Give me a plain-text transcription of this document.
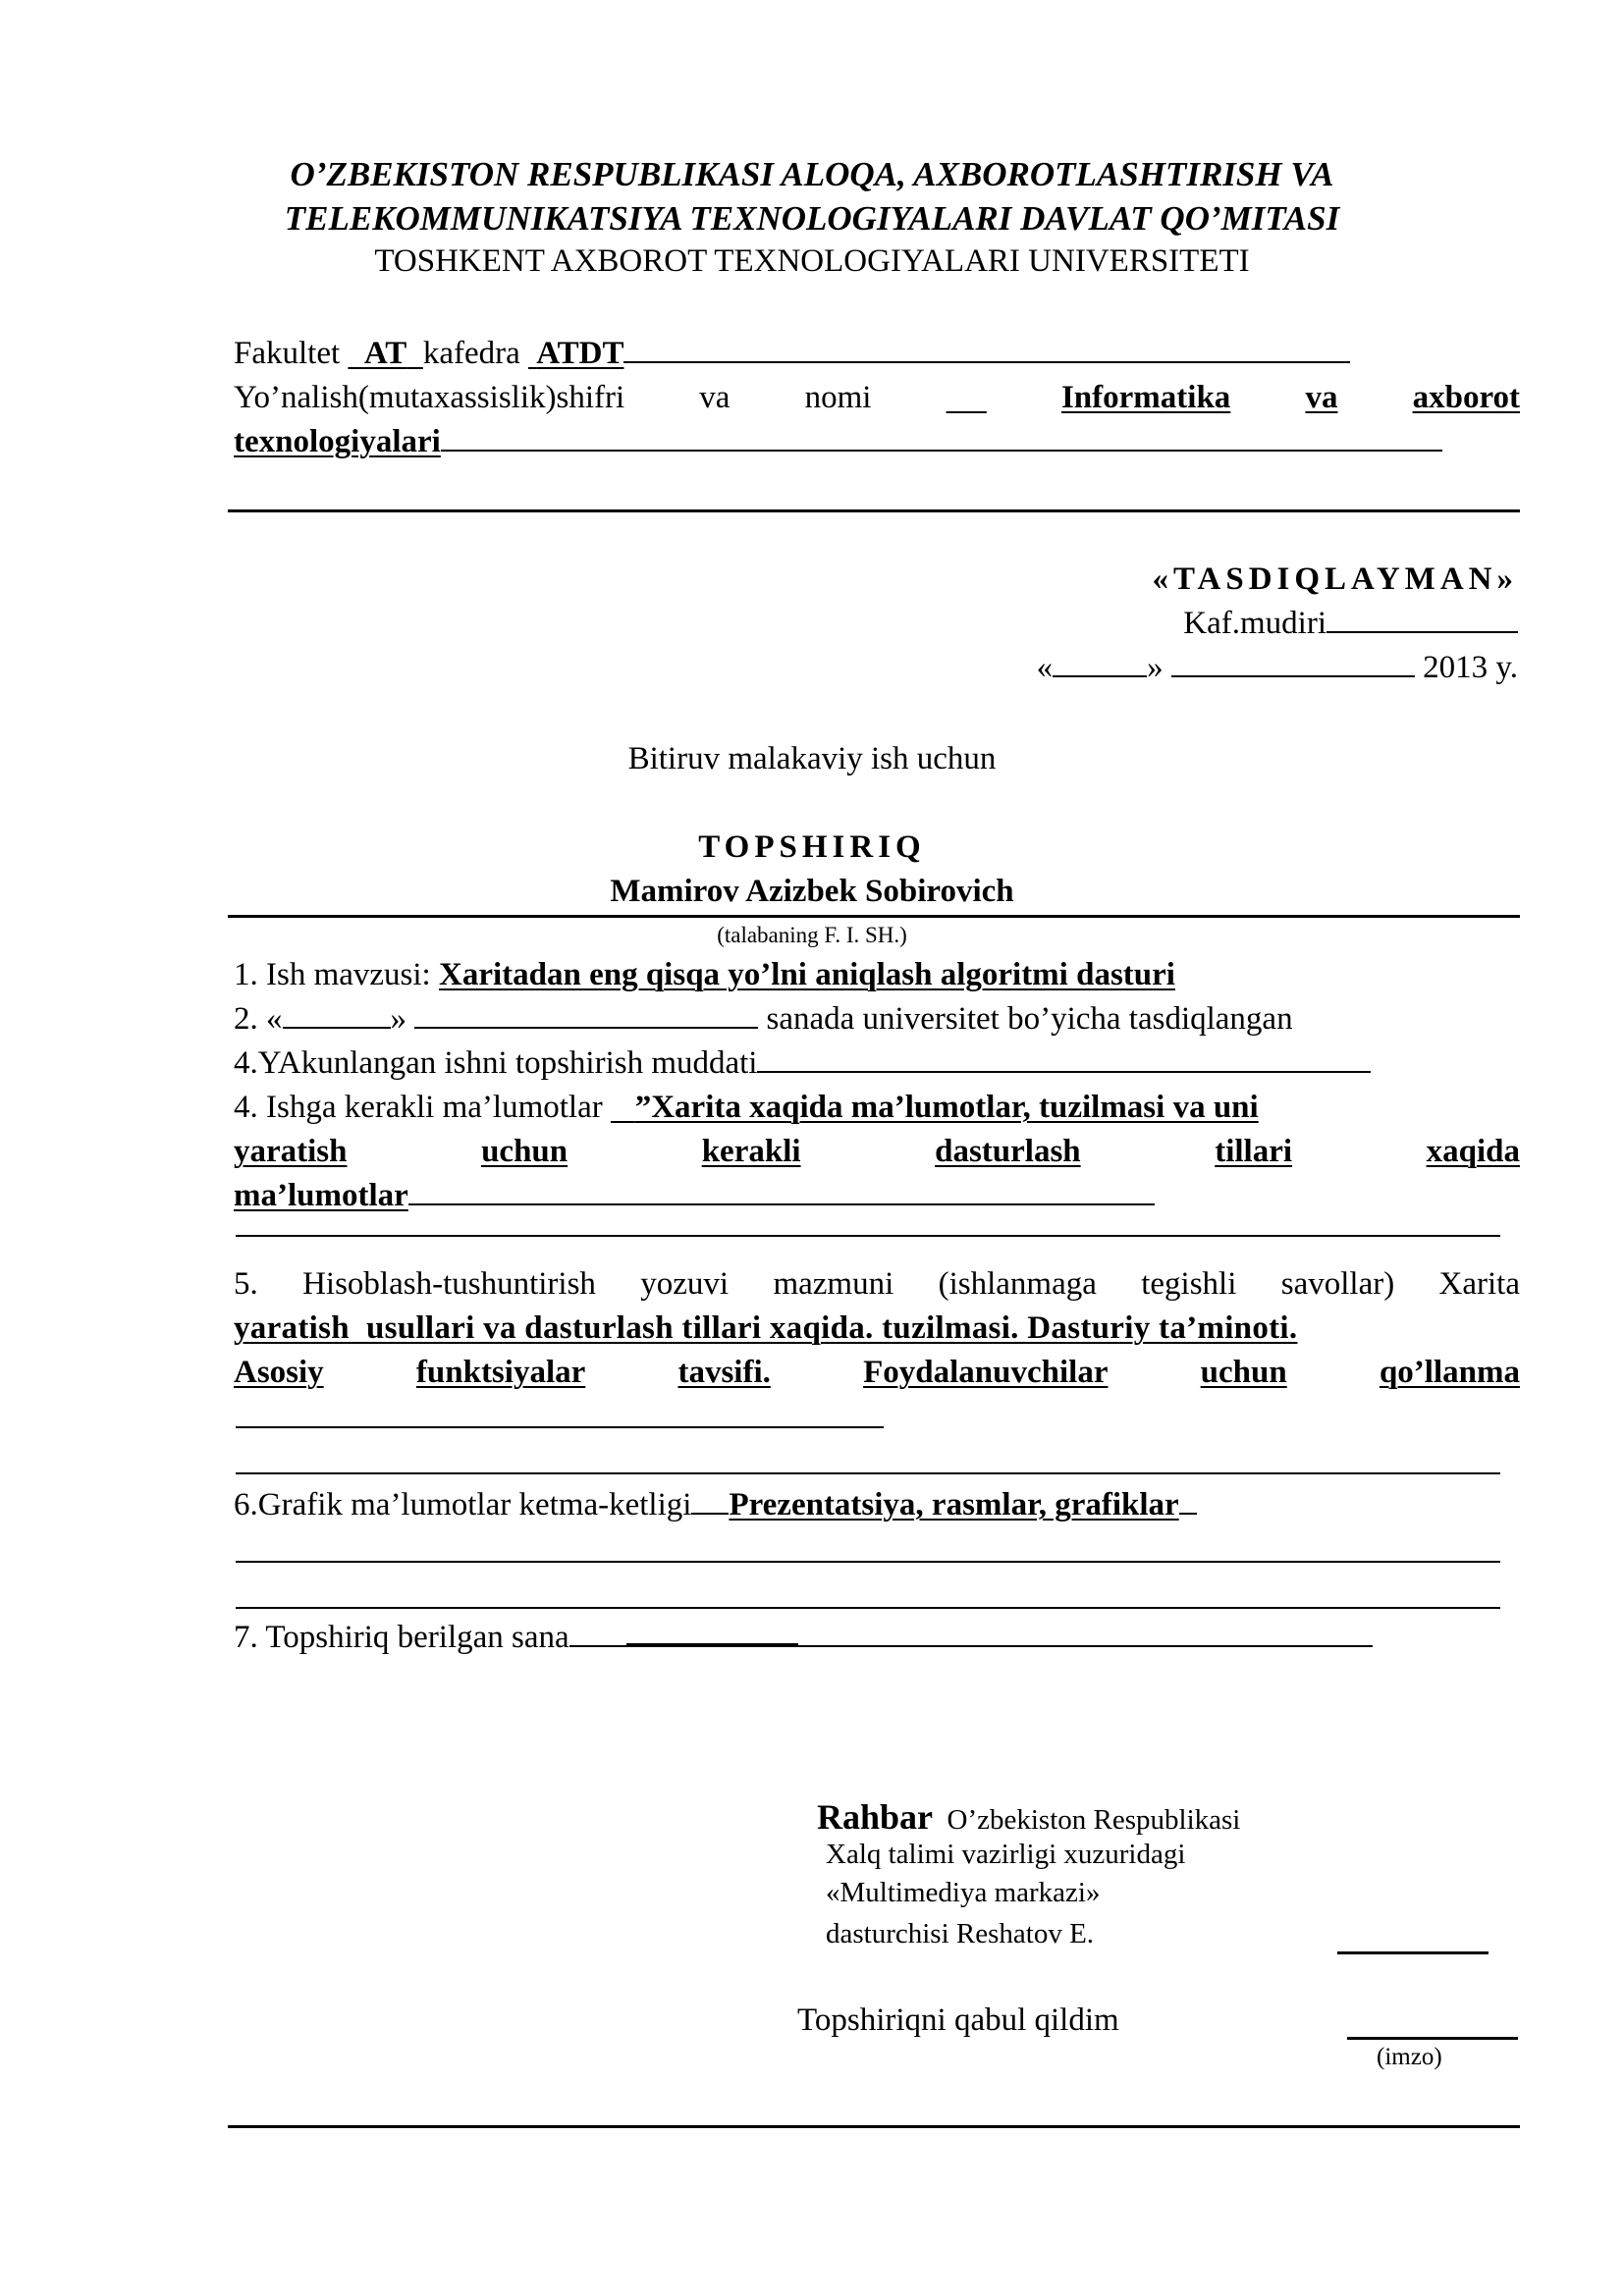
O’ZBEKISTON RESPUBLIKASI ALOQA, AXBOROTLASHTIRISH VA
TELEKOMMUNIKATSIYA TEXNOLOGIYALARI DAVLAT QO’MITASI
TOSHKENT AXBOROT TEXNOLOGIYALARI UNIVERSITETI
Fakultet AT kafedra ATDT
Yo’nalish(mutaxassislik)shifri va nomi
	Informatika va axborot
texnologiyalari
«TASDIQLAYMAN»
Kaf.mudiri
«	»	2013 y.
Bitiruv malakaviy ish uchun
TOPSHIRIQ
Mamirov Azizbek Sobirovich
(talabaning F. I. SH.)
1. Ish mavzusi: Xaritadan eng qisqa yo’lni aniqlash algoritmi dasturi
2. «	»	sanada universitet bo’yicha tasdiqlangan
4.YAkunlangan ishni topshirish muddati
4. Ishga kerakli ma’lumotlar ”Xarita xaqida ma’lumotlar, tuzilmasi va uni
yaratish	uchun	kerakli	dasturlash	tillari	xaqida
ma’lumotlar
5. Hisoblash-tushuntirish yozuvi mazmuni (ishlanmaga tegishli savollar) Xarita
yaratish  usullari va dasturlash tillari xaqida. tuzilmasi. Dasturiy ta’minoti.
Asosiy	funktsiyalar	tavsifi.	Foydalanuvchilar	uchun	qo’llanma
6.Grafik ma’lumotlar ketma-ketligi Prezentatsiya, rasmlar, grafiklar
7. Topshiriq berilgan sana
Rahbar O’zbekiston Respublikasi
Xalq talimi vazirligi xuzuridagi
«Multimediya markazi»
dasturchisi Reshatov E.
Topshiriqni qabul qildim
(imzo)
